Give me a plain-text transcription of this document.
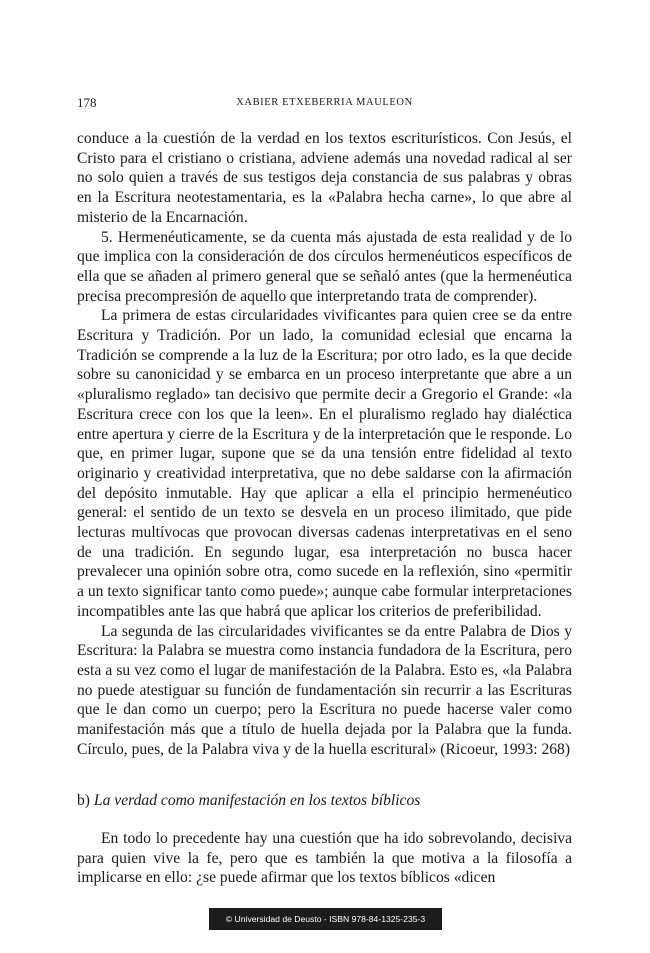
178	XABIER ETXEBERRIA MAULEON

conduce a la cuestión de la verdad en los textos escriturísticos. Con Jesús, el Cristo para el cristiano o cristiana, adviene además una novedad radical al ser no solo quien a través de sus testigos deja constancia de sus palabras y obras en la Escritura neotestamentaria, es la «Palabra hecha carne», lo que abre al misterio de la Encarnación.

5. Hermenéuticamente, se da cuenta más ajustada de esta realidad y de lo que implica con la consideración de dos círculos hermenéuticos específicos de ella que se añaden al primero general que se señaló antes (que la hermenéutica precisa precompresión de aquello que interpretando trata de comprender).

La primera de estas circularidades vivificantes para quien cree se da entre Escritura y Tradición. Por un lado, la comunidad eclesial que encarna la Tradición se comprende a la luz de la Escritura; por otro lado, es la que decide sobre su canonicidad y se embarca en un proceso interpretante que abre a un «pluralismo reglado» tan decisivo que permite decir a Gregorio el Grande: «la Escritura crece con los que la leen». En el pluralismo reglado hay dialéctica entre apertura y cierre de la Escritura y de la interpretación que le responde. Lo que, en primer lugar, supone que se da una tensión entre fidelidad al texto originario y creatividad interpretativa, que no debe saldarse con la afirmación del depósito inmutable. Hay que aplicar a ella el principio hermenéutico general: el sentido de un texto se desvela en un proceso ilimitado, que pide lecturas multívocas que provocan diversas cadenas interpretativas en el seno de una tradición. En segundo lugar, esa interpretación no busca hacer prevalecer una opinión sobre otra, como sucede en la reflexión, sino «permitir a un texto significar tanto como puede»; aunque cabe formular interpretaciones incompatibles ante las que habrá que aplicar los criterios de preferibilidad.

La segunda de las circularidades vivificantes se da entre Palabra de Dios y Escritura: la Palabra se muestra como instancia fundadora de la Escritura, pero esta a su vez como el lugar de manifestación de la Palabra. Esto es, «la Palabra no puede atestiguar su función de fundamentación sin recurrir a las Escrituras que le dan como un cuerpo; pero la Escritura no puede hacerse valer como manifestación más que a título de huella dejada por la Palabra que la funda. Círculo, pues, de la Palabra viva y de la huella escritural» (Ricoeur, 1993: 268)

b) La verdad como manifestación en los textos bíblicos

En todo lo precedente hay una cuestión que ha ido sobrevolando, decisiva para quien vive la fe, pero que es también la que motiva a la filosofía a implicarse en ello: ¿se puede afirmar que los textos bíblicos «dicen

© Universidad de Deusto - ISBN 978-84-1325-235-3
